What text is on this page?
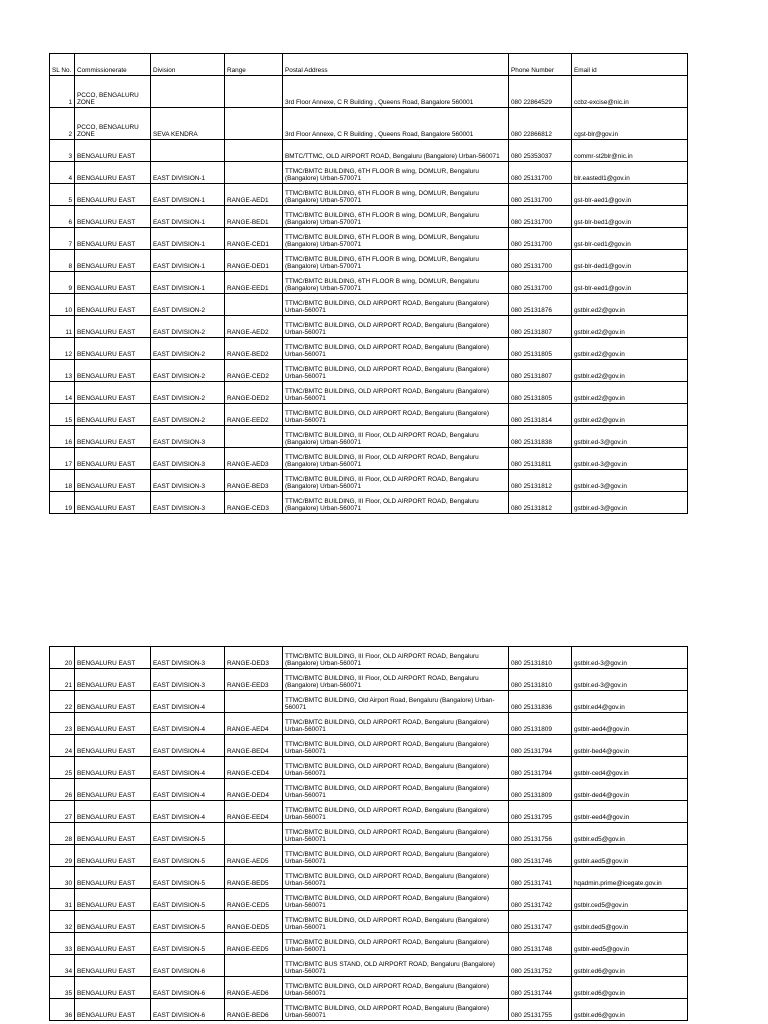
SL No.	Commissionerate	Division	Range	Postal Address	Phone Number	Email id
1	PCCO, BENGALURU ZONE			3rd Floor Annexe, C R Building , Queens Road, Bangalore 560001	080 22864529	ccbz-excise@nic.in
2	PCCO, BENGALURU ZONE	SEVA KENDRA		3rd Floor Annexe, C R Building , Queens Road, Bangalore 560001	080 22866812	cgst-blr@gov.in
3	BENGALURU EAST			BMTC/TTMC, OLD AIRPORT ROAD, Bengaluru (Bangalore) Urban-560071	080 25353037	commr-st2blr@nic.in
4	BENGALURU EAST	EAST DIVISION-1		TTMC/BMTC BUILDING, 6TH FLOOR B wing, DOMLUR, Bengaluru (Bangalore) Urban-570071	080 25131700	blr.eastedl1@gov.in
5	BENGALURU EAST	EAST DIVISION-1	RANGE-AED1	TTMC/BMTC BUILDING, 6TH FLOOR B wing, DOMLUR, Bengaluru (Bangalore) Urban-570071	080 25131700	gst-blr-aed1@gov.in
6	BENGALURU EAST	EAST DIVISION-1	RANGE-BED1	TTMC/BMTC BUILDING, 6TH FLOOR B wing, DOMLUR, Bengaluru (Bangalore) Urban-570071	080 25131700	gst-blr-bed1@gov.in
7	BENGALURU EAST	EAST DIVISION-1	RANGE-CED1	TTMC/BMTC BUILDING, 6TH FLOOR B wing, DOMLUR, Bengaluru (Bangalore) Urban-570071	080 25131700	gst-blr-ced1@gov.in
8	BENGALURU EAST	EAST DIVISION-1	RANGE-DED1	TTMC/BMTC BUILDING, 6TH FLOOR B wing, DOMLUR, Bengaluru (Bangalore) Urban-570071	080 25131700	gst-blr-ded1@gov.in
9	BENGALURU EAST	EAST DIVISION-1	RANGE-EED1	TTMC/BMTC BUILDING, 6TH FLOOR B wing, DOMLUR, Bengaluru (Bangalore) Urban-570071	080 25131700	gst-blr-eed1@gov.in
10	BENGALURU EAST	EAST DIVISION-2		TTMC/BMTC BUILDING, OLD AIRPORT ROAD, Bengaluru (Bangalore) Urban-560071	080 25131876	gstblr.ed2@gov.in
11	BENGALURU EAST	EAST DIVISION-2	RANGE-AED2	TTMC/BMTC BUILDING, OLD AIRPORT ROAD, Bengaluru (Bangalore) Urban-560071	080 25131807	gstblr.ed2@gov.in
12	BENGALURU EAST	EAST DIVISION-2	RANGE-BED2	TTMC/BMTC BUILDING, OLD AIRPORT ROAD, Bengaluru (Bangalore) Urban-560071	080 25131805	gstblr.ed2@gov.in
13	BENGALURU EAST	EAST DIVISION-2	RANGE-CED2	TTMC/BMTC BUILDING, OLD AIRPORT ROAD, Bengaluru (Bangalore) Urban-560071	080 25131807	gstblr.ed2@gov.in
14	BENGALURU EAST	EAST DIVISION-2	RANGE-DED2	TTMC/BMTC BUILDING, OLD AIRPORT ROAD, Bengaluru (Bangalore) Urban-560071	080 25131805	gstblr.ed2@gov.in
15	BENGALURU EAST	EAST DIVISION-2	RANGE-EED2	TTMC/BMTC BUILDING, OLD AIRPORT ROAD, Bengaluru (Bangalore) Urban-560071	080 25131814	gstblr.ed2@gov.in
16	BENGALURU EAST	EAST DIVISION-3		TTMC/BMTC BUILDING, III Floor, OLD AIRPORT ROAD, Bengaluru (Bangalore) Urban-560071	080 25131838	gstblr.ed-3@gov.in
17	BENGALURU EAST	EAST DIVISION-3	RANGE-AED3	TTMC/BMTC BUILDING, III Floor, OLD AIRPORT ROAD, Bengaluru (Bangalore) Urban-560071	080 25131811	gstblr.ed-3@gov.in
18	BENGALURU EAST	EAST DIVISION-3	RANGE-BED3	TTMC/BMTC BUILDING, III Floor, OLD AIRPORT ROAD, Bengaluru (Bangalore) Urban-560071	080 25131812	gstblr.ed-3@gov.in
19	BENGALURU EAST	EAST DIVISION-3	RANGE-CED3	TTMC/BMTC BUILDING, III Floor, OLD AIRPORT ROAD, Bengaluru (Bangalore) Urban-560071	080 25131812	gstblr.ed-3@gov.in
20	BENGALURU EAST	EAST DIVISION-3	RANGE-DED3	TTMC/BMTC BUILDING, III Floor, OLD AIRPORT ROAD, Bengaluru (Bangalore) Urban-560071	080 25131810	gstblr.ed-3@gov.in
21	BENGALURU EAST	EAST DIVISION-3	RANGE-EED3	TTMC/BMTC BUILDING, III Floor, OLD AIRPORT ROAD, Bengaluru (Bangalore) Urban-560071	080 25131810	gstblr.ed-3@gov.in
22	BENGALURU EAST	EAST DIVISION-4		TTMC/BMTC BUILDING, Old Airport Road, Bengaluru (Bangalore) Urban-560071	080 25131836	gstblr.ed4@gov.in
23	BENGALURU EAST	EAST DIVISION-4	RANGE-AED4	TTMC/BMTC BUILDING, OLD AIRPORT ROAD, Bengaluru (Bangalore) Urban-560071	080 25131809	gstblr-aed4@gov.in
24	BENGALURU EAST	EAST DIVISION-4	RANGE-BED4	TTMC/BMTC BUILDING, OLD AIRPORT ROAD, Bengaluru (Bangalore) Urban-560071	080 25131794	gstblr-bed4@gov.in
25	BENGALURU EAST	EAST DIVISION-4	RANGE-CED4	TTMC/BMTC BUILDING, OLD AIRPORT ROAD, Bengaluru (Bangalore) Urban-560071	080 25131794	gstblr-ced4@gov.in
26	BENGALURU EAST	EAST DIVISION-4	RANGE-DED4	TTMC/BMTC BUILDING, OLD AIRPORT ROAD, Bengaluru (Bangalore) Urban-560071	080 25131809	gstblr-ded4@gov.in
27	BENGALURU EAST	EAST DIVISION-4	RANGE-EED4	TTMC/BMTC BUILDING, OLD AIRPORT ROAD, Bengaluru (Bangalore) Urban-560071	080 25131795	gstblr-eed4@gov.in
28	BENGALURU EAST	EAST DIVISION-5		TTMC/BMTC BUILDING, OLD AIRPORT ROAD, Bengaluru (Bangalore) Urban-560071	080 25131756	gstblr.ed5@gov.in
29	BENGALURU EAST	EAST DIVISION-5	RANGE-AED5	TTMC/BMTC BUILDING, OLD AIRPORT ROAD, Bengaluru (Bangalore) Urban-560071	080 25131746	gstblr.aed5@gov.in
30	BENGALURU EAST	EAST DIVISION-5	RANGE-BED5	TTMC/BMTC BUILDING, OLD AIRPORT ROAD, Bengaluru (Bangalore) Urban-560071	080 25131741	hqadmin.prime@icegate.gov.in
31	BENGALURU EAST	EAST DIVISION-5	RANGE-CED5	TTMC/BMTC BUILDING, OLD AIRPORT ROAD, Bengaluru (Bangalore) Urban-560071	080 25131742	gstblr.ced5@gov.in
32	BENGALURU EAST	EAST DIVISION-5	RANGE-DED5	TTMC/BMTC BUILDING, OLD AIRPORT ROAD, Bengaluru (Bangalore) Urban-560071	080 25131747	gstblr.ded5@gov.in
33	BENGALURU EAST	EAST DIVISION-5	RANGE-EED5	TTMC/BMTC BUILDING, OLD AIRPORT ROAD, Bengaluru (Bangalore) Urban-560071	080 25131748	gstblr-eed5@gov.in
34	BENGALURU EAST	EAST DIVISION-6		TTMC/BMTC BUS STAND, OLD AIRPORT ROAD, Bengaluru (Bangalore) Urban-560071	080 25131752	gstblr.ed6@gov.in
35	BENGALURU EAST	EAST DIVISION-6	RANGE-AED6	TTMC/BMTC BUILDING, OLD AIRPORT ROAD, Bengaluru (Bangalore) Urban-560071	080 25131744	gstblr.ed6@gov.in
36	BENGALURU EAST	EAST DIVISION-6	RANGE-BED6	TTMC/BMTC BUILDING, OLD AIRPORT ROAD, Bengaluru (Bangalore) Urban-560071	080 25131755	gstblr.ed6@gov.in
